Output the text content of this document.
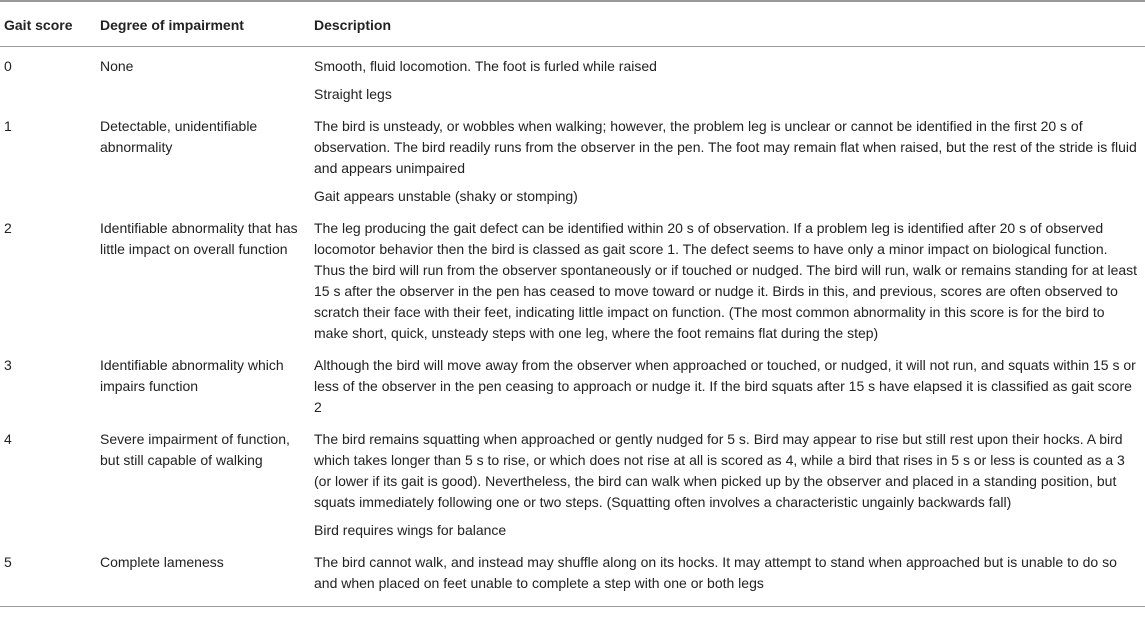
Gait score	Degree of impairment	Description

0	None	Smooth, fluid locomotion. The foot is furled while raised
Straight legs

1	Detectable, unidentifiable abnormality	The bird is unsteady, or wobbles when walking; however, the problem leg is unclear or cannot be identified in the first 20 s of observation. The bird readily runs from the observer in the pen. The foot may remain flat when raised, but the rest of the stride is fluid and appears unimpaired
Gait appears unstable (shaky or stomping)

2	Identifiable abnormality that has little impact on overall function	The leg producing the gait defect can be identified within 20 s of observation. If a problem leg is identified after 20 s of observed locomotor behavior then the bird is classed as gait score 1. The defect seems to have only a minor impact on biological function. Thus the bird will run from the observer spontaneously or if touched or nudged. The bird will run, walk or remains standing for at least 15 s after the observer in the pen has ceased to move toward or nudge it. Birds in this, and previous, scores are often observed to scratch their face with their feet, indicating little impact on function. (The most common abnormality in this score is for the bird to make short, quick, unsteady steps with one leg, where the foot remains flat during the step)

3	Identifiable abnormality which impairs function	Although the bird will move away from the observer when approached or touched, or nudged, it will not run, and squats within 15 s or less of the observer in the pen ceasing to approach or nudge it. If the bird squats after 15 s have elapsed it is classified as gait score 2

4	Severe impairment of function, but still capable of walking	The bird remains squatting when approached or gently nudged for 5 s. Bird may appear to rise but still rest upon their hocks. A bird which takes longer than 5 s to rise, or which does not rise at all is scored as 4, while a bird that rises in 5 s or less is counted as a 3 (or lower if its gait is good). Nevertheless, the bird can walk when picked up by the observer and placed in a standing position, but squats immediately following one or two steps. (Squatting often involves a characteristic ungainly backwards fall)
Bird requires wings for balance

5	Complete lameness	The bird cannot walk, and instead may shuffle along on its hocks. It may attempt to stand when approached but is unable to do so and when placed on feet unable to complete a step with one or both legs
